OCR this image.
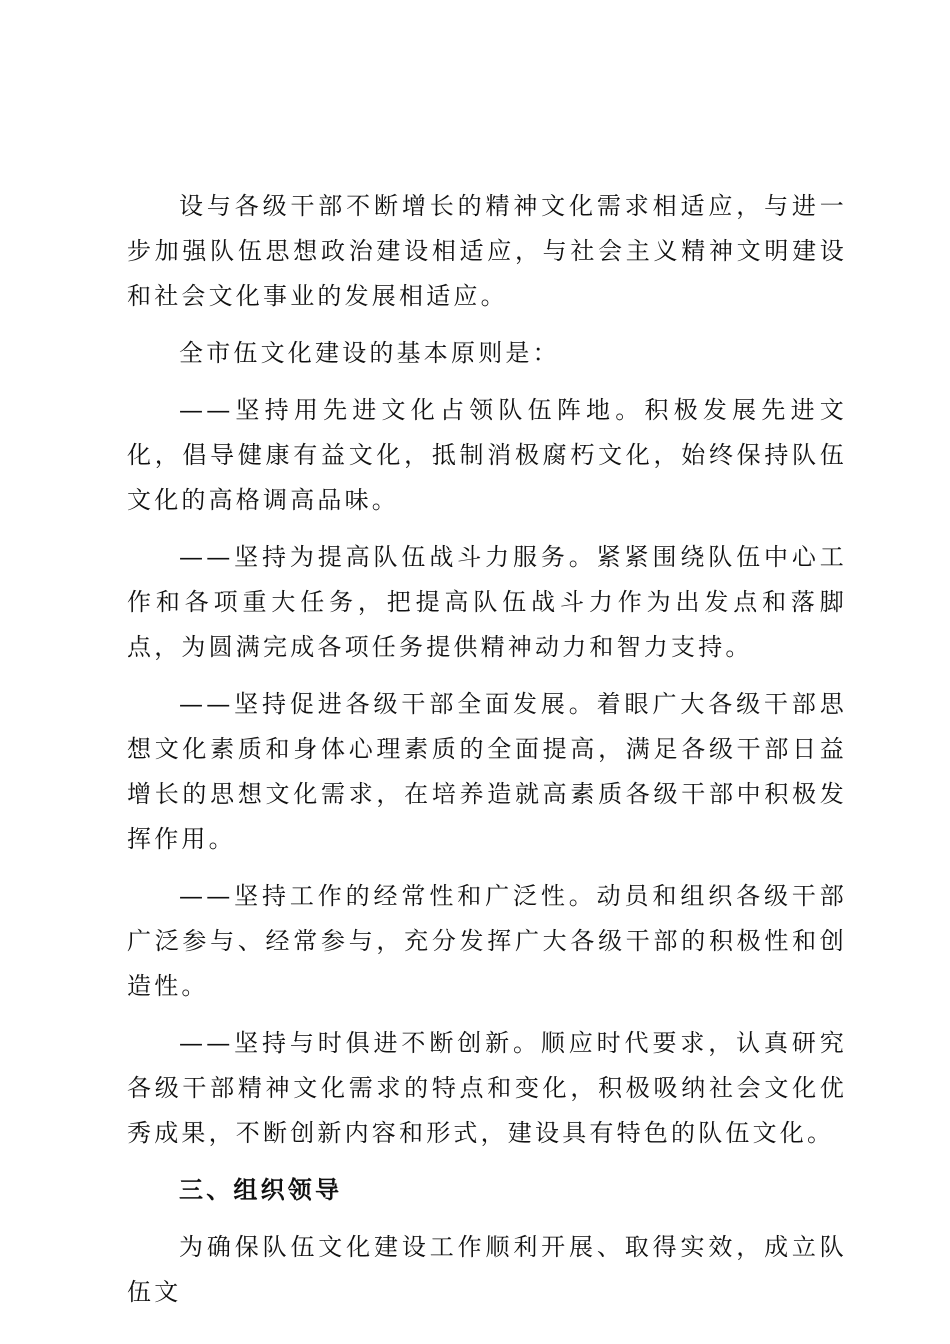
设与各级干部不断增长的精神文化需求相适应，与进一步加强队伍思想政治建设相适应，与社会主义精神文明建设和社会文化事业的发展相适应。

全市伍文化建设的基本原则是：

——坚持用先进文化占领队伍阵地。积极发展先进文化，倡导健康有益文化，抵制消极腐朽文化，始终保持队伍文化的高格调高品味。

——坚持为提高队伍战斗力服务。紧紧围绕队伍中心工作和各项重大任务，把提高队伍战斗力作为出发点和落脚点，为圆满完成各项任务提供精神动力和智力支持。

——坚持促进各级干部全面发展。着眼广大各级干部思想文化素质和身体心理素质的全面提高，满足各级干部日益增长的思想文化需求，在培养造就高素质各级干部中积极发挥作用。

——坚持工作的经常性和广泛性。动员和组织各级干部广泛参与、经常参与，充分发挥广大各级干部的积极性和创造性。

——坚持与时俱进不断创新。顺应时代要求，认真研究各级干部精神文化需求的特点和变化，积极吸纳社会文化优秀成果，不断创新内容和形式，建设具有特色的队伍文化。

三、组织领导

为确保队伍文化建设工作顺利开展、取得实效，成立队伍文
